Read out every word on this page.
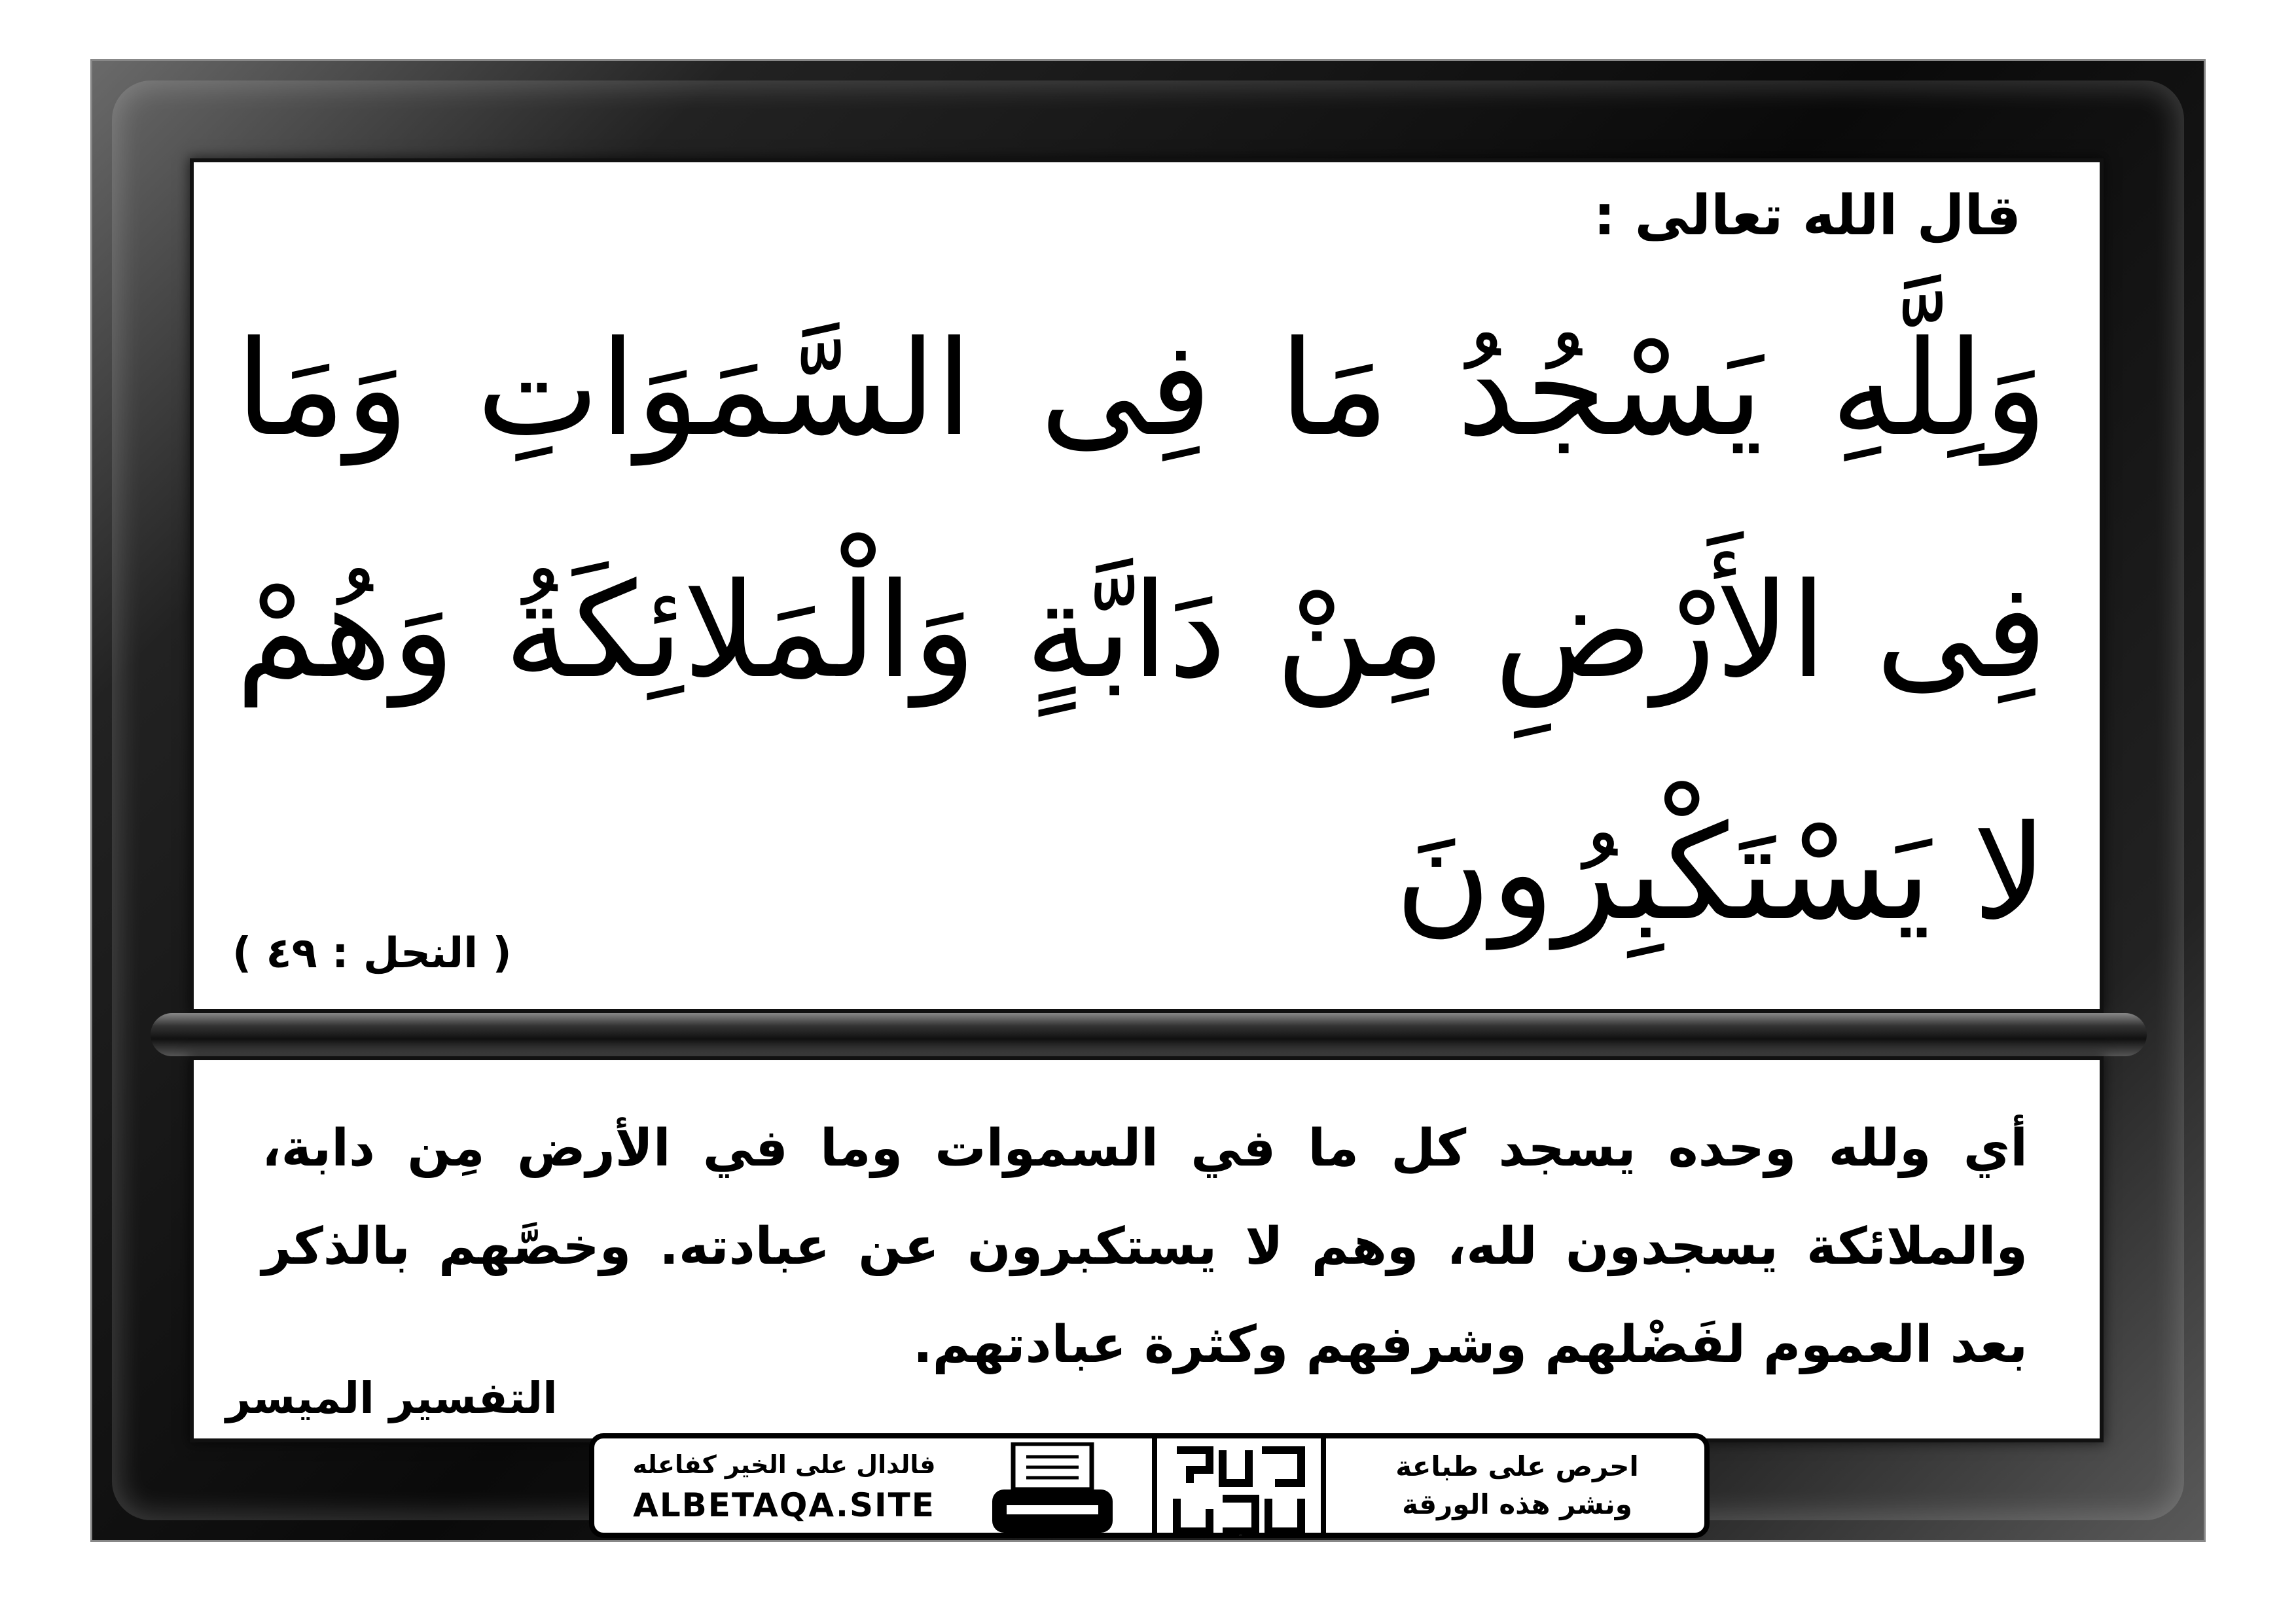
قال الله تعالى :
وَلِلَّهِ يَسْجُدُ مَا فِى السَّمَوَاتِ وَمَا فِى الأَرْضِ مِنْ دَابَّةٍ وَالْمَلائِكَةُ وَهُمْ لا يَسْتَكْبِرُونَ
( النحل : ٤٩ )
أي ولله وحده يسجد كل ما في السموات وما في الأرض مِن دابة، والملائكة يسجدون لله، وهم لا يستكبرون عن عبادته. وخصَّهم بالذكر بعد العموم لفَضْلهم وشرفهم وكثرة عبادتهم.
التفسير الميسر
فالدال على الخير كفاعله
ALBETAQA.SITE
دعوة الورقة
احرص على طباعة
ونشر هذه الورقة
